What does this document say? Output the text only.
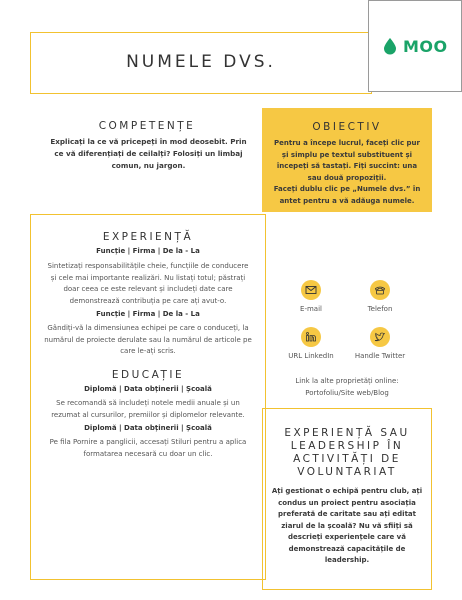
NUMELE DVS.
MOO
COMPETENȚE
Explicați la ce vă pricepeți în mod deosebit. Prin ce vă diferențiați de ceilalți? Folosiți un limbaj comun, nu jargon.
OBIECTIV
Pentru a începe lucrul, faceți clic pur și simplu pe textul substituent și începeți să tastați. Fiți succint: una sau două propoziții.
Faceți dublu clic pe „Numele dvs.” în antet pentru a vă adăuga numele.
EXPERIENȚĂ
Funcție | Firma | De la - La
Sintetizați responsabilitățile cheie, funcțiile de conducere și cele mai importante realizări. Nu listați totul; păstrați doar ceea ce este relevant și includeți date care demonstrează contribuția pe care ați avut-o.
Funcție | Firma | De la - La
Gândiți-vă la dimensiunea echipei pe care o conduceți, la numărul de proiecte derulate sau la numărul de articole pe care le-ați scris.
EDUCAȚIE
Diplomă | Data obținerii | Școală
Se recomandă să includeți notele medii anuale și un rezumat al cursurilor, premiilor și diplomelor relevante.
Diplomă | Data obținerii | Școală
Pe fila Pornire a panglicii, accesați Stiluri pentru a aplica formatarea necesară cu doar un clic.
E-mail	Telefon
URL LinkedIn	Handle Twitter
Link la alte proprietăți online: Portofoliu/Site web/Blog
EXPERIENȚĂ SAU LEADERSHIP ÎN ACTIVITĂȚI DE VOLUNTARIAT
Ați gestionat o echipă pentru club, ați condus un proiect pentru asociația preferată de caritate sau ați editat ziarul de la școală? Nu vă sfiiți să descrieți experiențele care vă demonstrează capacitățile de leadership.
